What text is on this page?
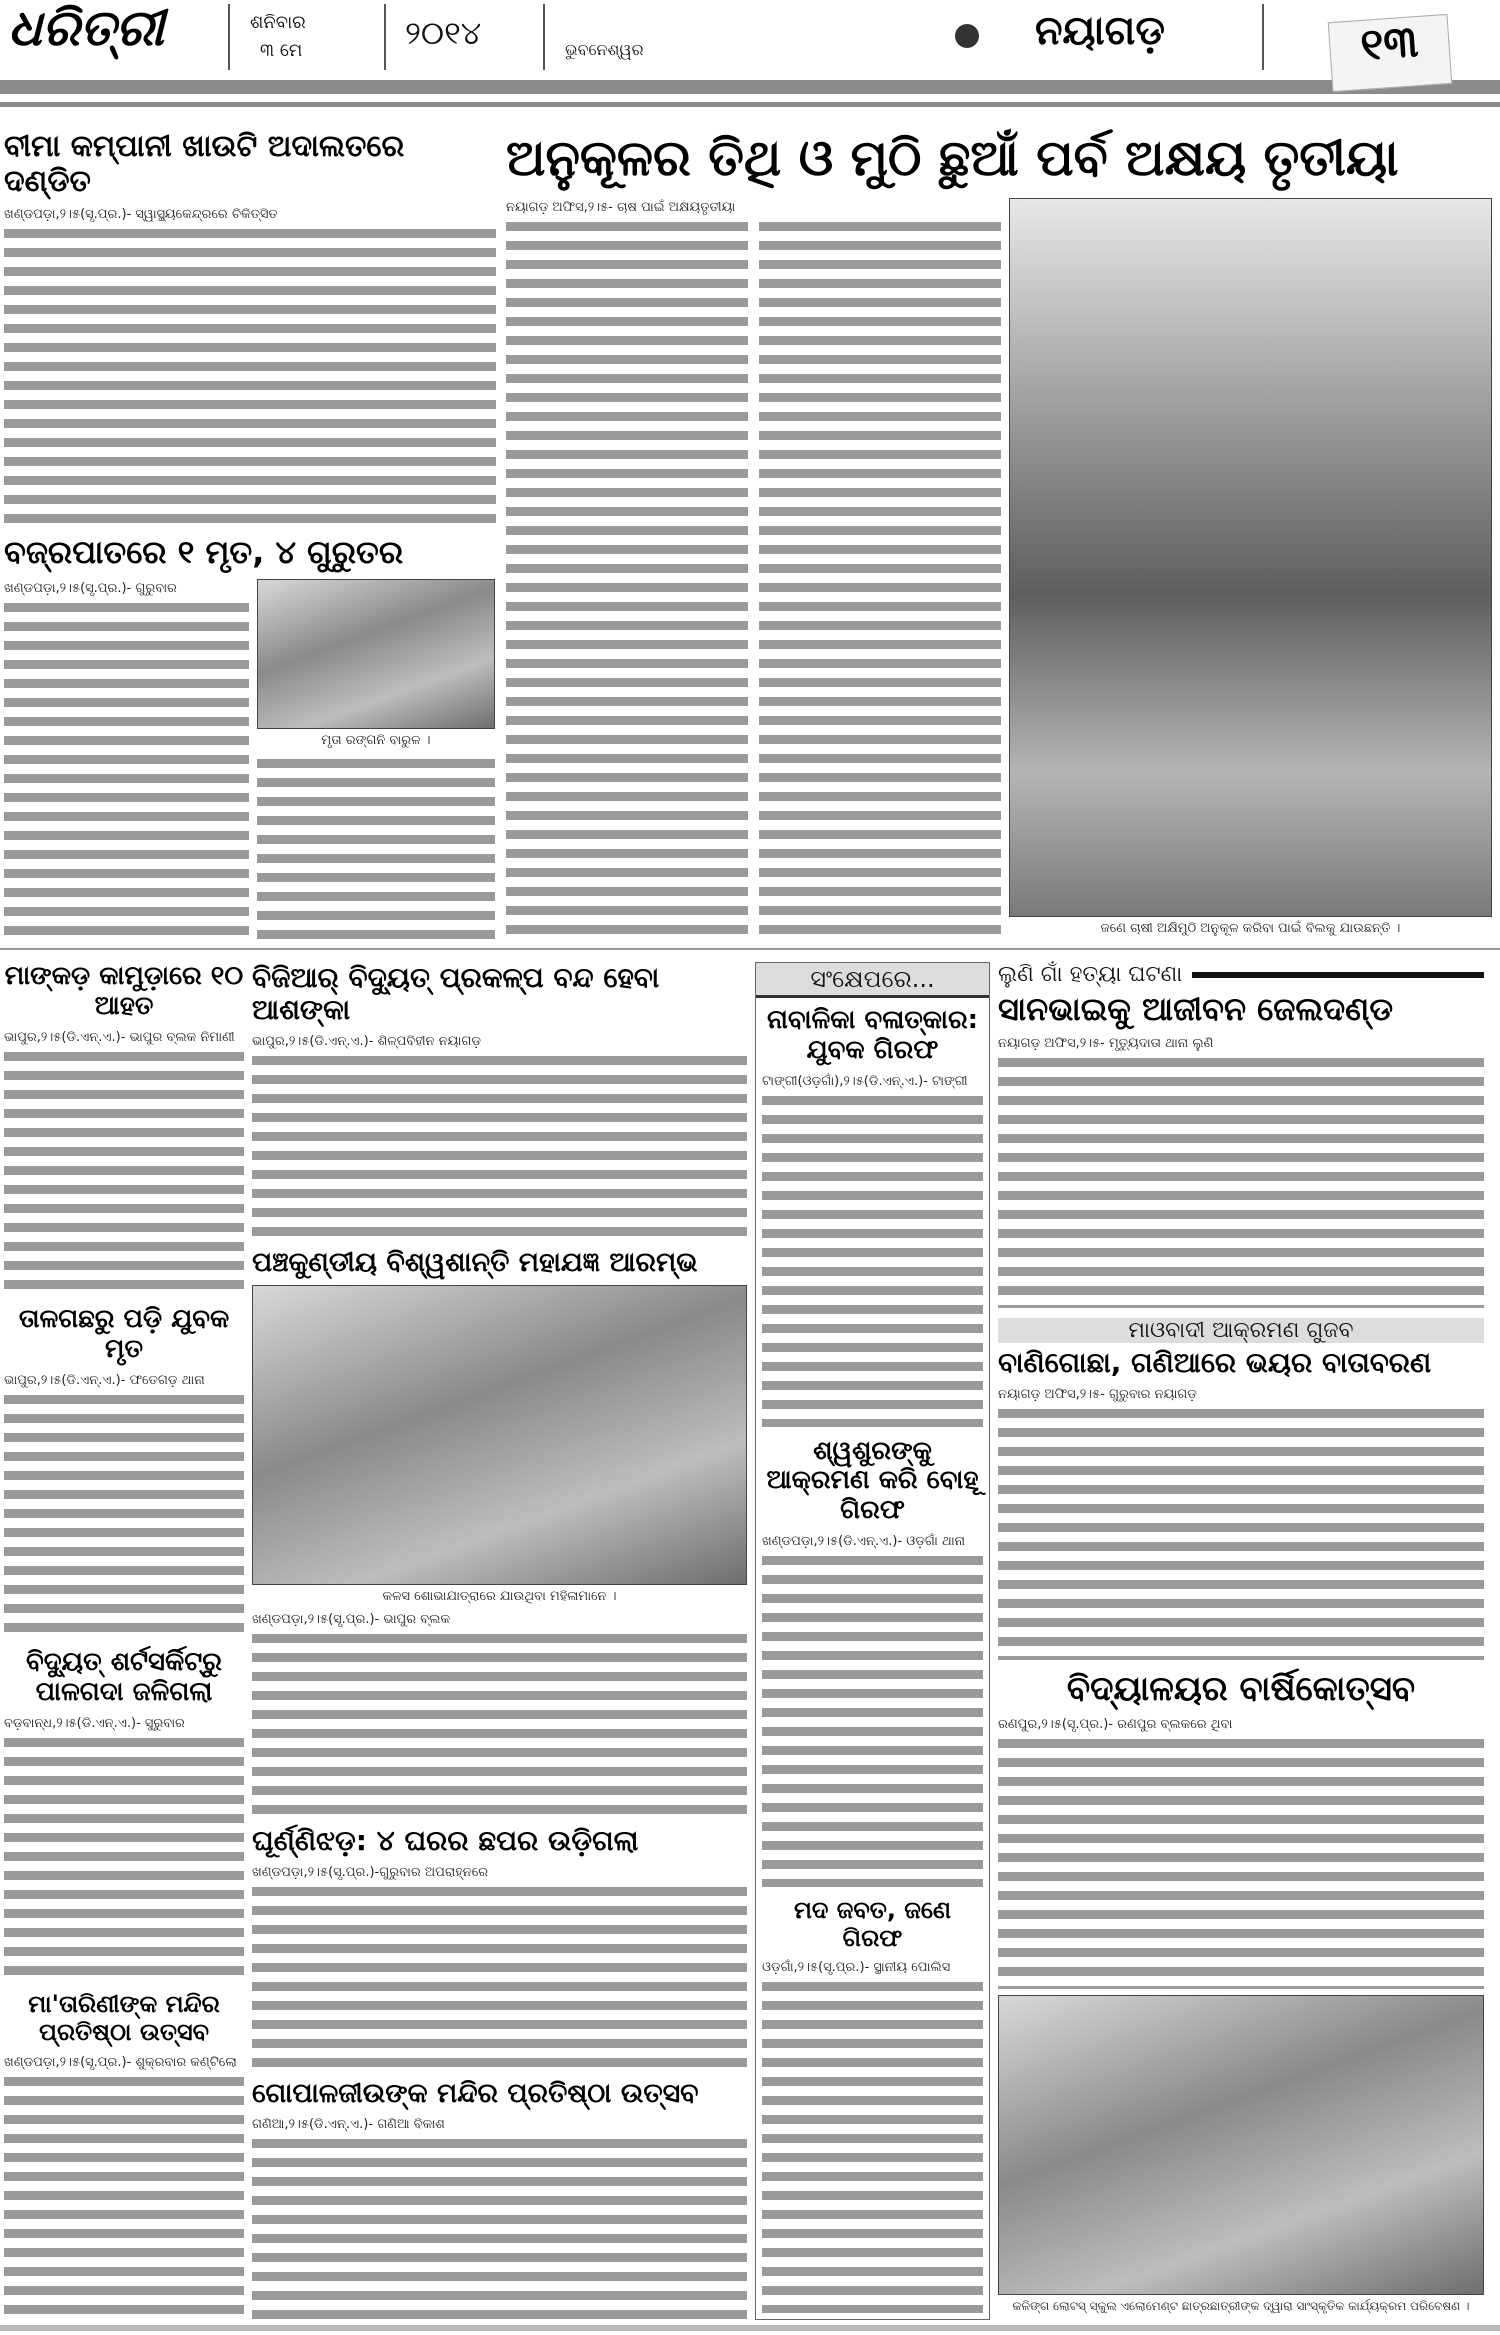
ଧରିତ୍ରୀ	ଶନିବାର
୩ ମେ	୨୦୧୪	ଭୁବନେଶ୍ୱର	ନୟାଗଡ଼	୧୩
ବୀମା କମ୍ପାନୀ ଖାଉଟି ଅଦାଲତରେ ଦଣ୍ଡିତ
ଖଣ୍ଡପଡ଼ା,୨।୫(ସୃ.ପ୍ର.)- ସ୍ୱାସ୍ଥ୍ୟକେନ୍ଦ୍ରରେ ଚିକିତ୍ସିତ
ବଜ୍ରପାତରେ ୧ ମୃତ, ୪ ଗୁରୁତର
ଖଣ୍ଡପଡ଼ା,୨।୫(ସୃ.ପ୍ର.)- ଗୁରୁବାର
ମୃତା ରଙ୍ଗନି ବାରୁଳ ।
ଅନୁକୂଳର ତିଥି ଓ ମୁଠି ଛୁଆଁ ପର୍ବ ଅକ୍ଷୟ ତୃତୀୟା
ନୟାଗଡ଼ ଅଫିସ,୨।୫- ଚାଷ ପାଇଁ ଅକ୍ଷୟତୃତୀୟା
ଜଣେ ଚାଷୀ ଅକ୍ଷିମୁଠି ଅନୁକୂଳ କରିବା ପାଇଁ ବିଲକୁ ଯାଉଛନ୍ତି ।
ମାଙ୍କଡ଼ କାମୁଡ଼ାରେ ୧୦ ଆହତ
ଭାପୁର,୨।୫(ଡି.ଏନ୍.ଏ.)- ଭାପୁର ବ୍ଲକ ନିମାଣୀ
ତାଳଗଛରୁ ପଡ଼ି ଯୁବକ ମୃତ
ଭାପୁର,୨।୫(ଡି.ଏନ୍.ଏ.)- ଫତେଗଡ଼ ଥାନା
ବିଦ୍ୟୁତ୍ ଶର୍ଟସର୍କିଟ୍‌ରୁ ପାଳଗଦା ଜଳିଗଲା
ବଡ଼ବାନ୍ଧ,୨।୫(ଡି.ଏନ୍.ଏ.)- ସୁରୁବାର
ମା'ତାରିଣୀଙ୍କ ମନ୍ଦିର ପ୍ରତିଷ୍ଠା ଉତ୍ସବ
ଖଣ୍ଡପଡ଼ା,୨।୫(ସୃ.ପ୍ର.)- ଶୁକ୍ରବାର କଣ୍ଟିଲୋ
ବିଜିଆର୍ ବିଦ୍ୟୁତ୍ ପ୍ରକଳ୍ପ ବନ୍ଦ ହେବା ଆଶଙ୍କା
ଭାପୁର,୨।୫(ଡି.ଏନ୍.ଏ.)- ଶିଳ୍ପବିହୀନ ନୟାଗଡ଼
ପଞ୍ଚକୁଣ୍ଡୀୟ ବିଶ୍ୱଶାନ୍ତି ମହାଯଜ୍ଞ ଆରମ୍ଭ
କଳସ ଶୋଭାଯାତ୍ରାରେ ଯାଉଥିବା ମହିଳାମାନେ ।
ଖଣ୍ଡପଡ଼ା,୨।୫(ସୃ.ପ୍ର.)- ଭାପୁର ବ୍ଲକ
ଘୂର୍ଣ୍ଣିଝଡ଼: ୪ ଘରର ଛପର ଉଡ଼ିଗଲା
ଖଣ୍ଡପଡ଼ା,୨।୫(ସୃ.ପ୍ର.)-ଗୁରୁବାର ଅପରାହ୍ନରେ
ଗୋପାଳଜୀଉଙ୍କ ମନ୍ଦିର ପ୍ରତିଷ୍ଠା ଉତ୍ସବ
ଗଣିଆ,୨।୫(ଡି.ଏନ୍.ଏ.)- ଗଣିଆ ବିକାଶ
ସଂକ୍ଷେପରେ...
ନାବାଳିକା ବଳାତ୍କାର: ଯୁବକ ଗିରଫ
ଟାଙ୍ଗୀ(ଓଡ଼ଗାଁ),୨।୫(ଡି.ଏନ୍.ଏ.)- ଟାଙ୍ଗୀ
ଶ୍ୱଶୁରଙ୍କୁ ଆକ୍ରମଣ କରି ବୋହୂ ଗିରଫ
ଖଣ୍ଡପଡ଼ା,୨।୫(ଡି.ଏନ୍.ଏ.)- ଓଡ଼ଗାଁ ଥାନା
ମଦ ଜବତ, ଜଣେ ଗିରଫ
ଓଡ଼ଗାଁ,୨।୫(ସୃ.ପ୍ର.)- ସ୍ଥାନୀୟ ପୋଲିସ
ଲୁଣି ଗାଁ ହତ୍ୟା ଘଟଣା
ସାନଭାଇକୁ ଆଜୀବନ ଜେଲଦଣ୍ଡ
ନୟାଗଡ଼ ଅଫିସ,୨।୫- ମୃତ୍ୟୁଦାତା ଥାନା ଲୁଣି
ମାଓବାଦୀ ଆକ୍ରମଣ ଗୁଜବ
ବାଣିଗୋଛା, ଗଣିଆରେ ଭୟର ବାତାବରଣ
ନୟାଗଡ଼ ଅଫିସ,୨।୫- ଗୁରୁବାର ନୟାଗଡ଼
ବିଦ୍ୟାଳୟର ବାର୍ଷିକୋତ୍ସବ
ରଣପୁର,୨।୫(ସୃ.ପ୍ର.)- ରଣପୁର ବ୍ଲକରେ ଥିବା
କଳିଙ୍ଗ ଲୋଟସ୍ ସ୍କୁଲ ଏଲୋମେଣ୍ଟ ଛାତ୍ରଛାତ୍ରୀଙ୍କ ଦ୍ୱାରା ସାଂସ୍କୃତିକ କାର୍ଯ୍ୟକ୍ରମ ପରିବେଷଣ ।
